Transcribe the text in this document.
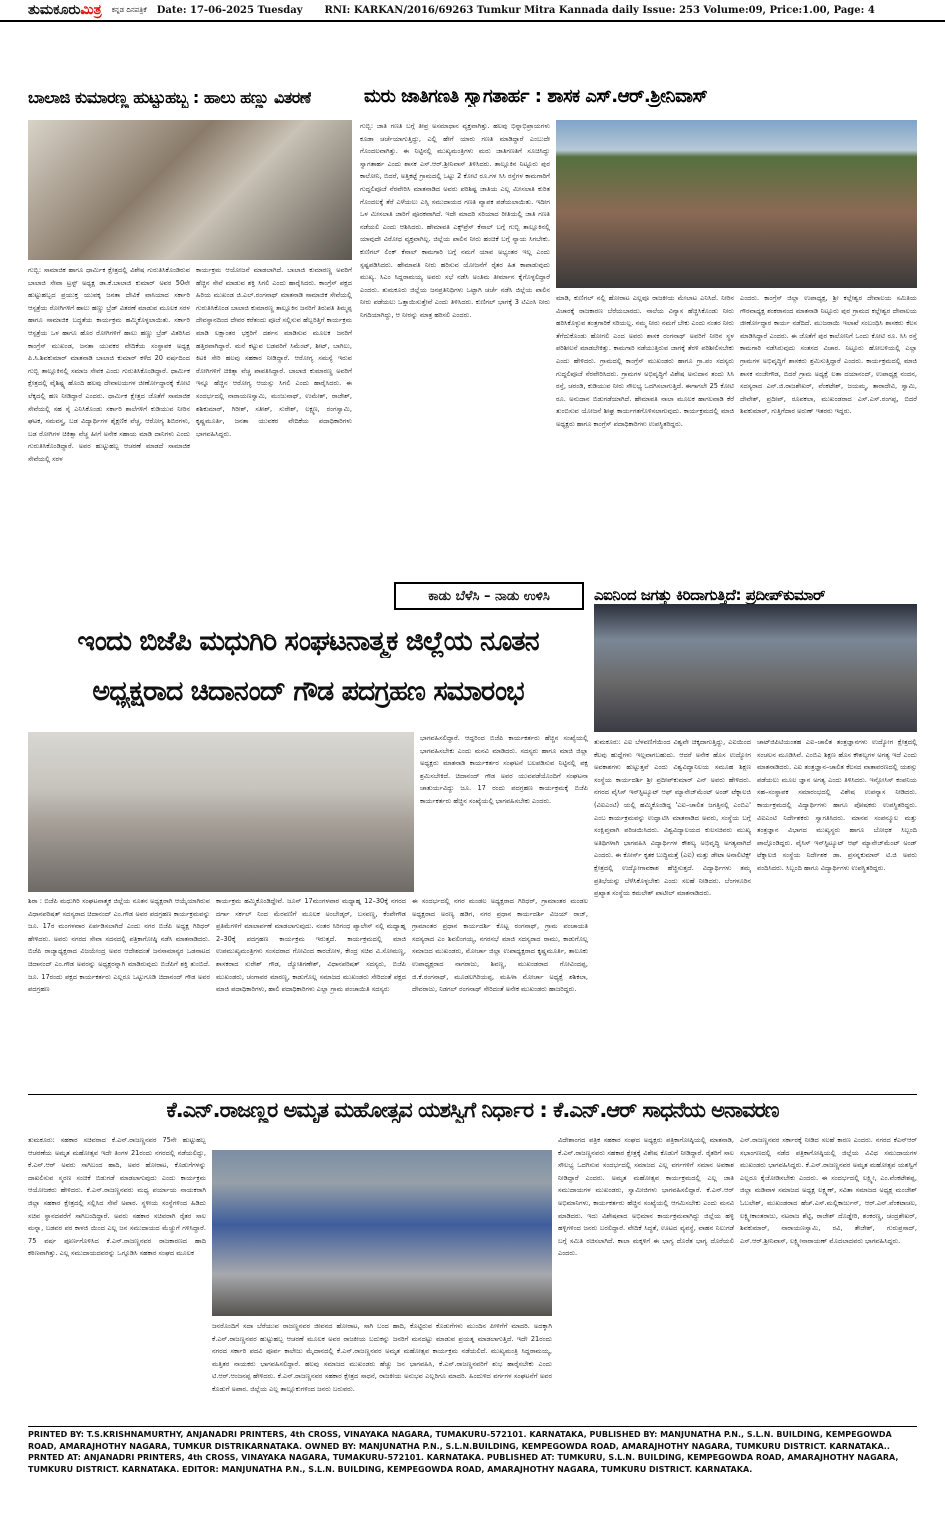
ತುಮಕೂರುಮಿತ್ರ ಕನ್ನಡ ದಿನಪತ್ರಿಕೆ Date: 17-06-2025 Tuesday RNI: KARKAN/2016/69263 Tumkur Mitra Kannada daily Issue: 253 Volume:09, Price:1.00, Page: 4
ಬಾಲಾಜಿ ಕುಮಾರಣ್ಣ ಹುಟ್ಟುಹಬ್ಬ : ಹಾಲು ಹಣ್ಣು ವಿತರಣೆ
ಗುಬ್ಬಿ: ಸಾಮಾಜಿಕ ಹಾಗೂ ಧಾರ್ಮಿಕ ಕ್ಷೇತ್ರದಲ್ಲಿ ವಿಶೇಷ ಗುರುತಿಸಿಕೊಂಡಿರುವ ಬಾಲಾಜಿ ಸೇವಾ ಟ್ರಸ್ಟ್ ಅಧ್ಯಕ್ಷ ಡಾ.ಕೆ.ಬಾಲಾಜಿ ಕುಮಾರ್ ಅವರ 50ನೇ ಹುಟ್ಟುಹಬ್ಬದ ಪ್ರಯುಕ್ತ ಯುವಕ್ಕ ಜನತಾ ದೇವಿಕೆ ವಾಸಿಯಾದ ಸರ್ಕಾರಿ ಆಸ್ಪತ್ರೆಯ ರೋಗಿಗಳಿಗೆ ಹಾಲು ಹಣ್ಣು ಬ್ರೆಡ್ ವಿತರಣೆ ಮಾಡುವ ಮೂಲಕ ಸರಳ ಹಾಗೂ ಸಾಮಾಜಿಕ ಬದ್ಧತೆಯ ಕಾರ್ಯಕ್ರಮ ಹಮ್ಮಿಕೊಳ್ಳಲಾಯಿತು. ಸರ್ಕಾರಿ ಆಸ್ಪತ್ರೆಯ ಒಳ ಹಾಗೂ ಹೊರ ರೋಗಿಗಳಿಗೆ ಹಾಲು ಹಣ್ಣು ಬ್ರೆಡ್ ವಿತರಿಸಿದ ಕಾಂಗ್ರೆಸ್ ಮುಖಂಡ, ಜನತಾ ಯುವಕರ ವೇದಿಕೆಯ ಸಂಸ್ಥಾಪಕ ಅಧ್ಯಕ್ಷ ಪಿ.ಸಿ.ಶಿವಕುಮಾರ್ ಮಾತನಾಡಿ ಬಾಲಾಜಿ ಕುಮಾರ್ ಕಳೆದ 20 ವರ್ಷದಿಂದ ಗುಬ್ಬಿ ತಾಲ್ಲೂಕಿನಲ್ಲಿ ಸಮಾಜ ಸೇವಕ ಎಂದು ಗುರುತಿಸಿಕೊಂಡಿದ್ದಾರೆ. ಧಾರ್ಮಿಕ ಕ್ಷೇತ್ರದಲ್ಲಿ ವೈಶಿಷ್ಟ್ಯ ಹೊಂದಿ ಹಲವು ದೇವಾಲಯಗಳ ಜೀರ್ಣೋದ್ಧಾರಕ್ಕೆ ಕೋಟಿ ಲೆಕ್ಕದಲ್ಲಿ ಹಣ ನೀಡಿದ್ದಾರೆ ಎಂದರು. ಧಾರ್ಮಿಕ ಕ್ಷೇತ್ರದ ಜೊತೆಗೆ ಸಾಮಾಜಿಕ ಸೇವೆಯಲ್ಲಿ ಸಹ ಸೈ ಎನಿಸಿಕೊಂಡು ಸರ್ಕಾರಿ ಶಾಲೆಗಳಿಗೆ ಕುಡಿಯುವ ನೀರಿನ ಘಟಕ, ಸಮವಸ್ತ್ರ, ಬಡ ವಿದ್ಯಾರ್ಥಿಗಳ ಶೈಕ್ಷಣಿಕ ವೆಚ್ಚ, ಆರೋಗ್ಯ ಶಿಬಿರಗಳು, ಬಡ ರೋಗಿಗಳ ಚಿಕಿತ್ಸಾ ವೆಚ್ಚ ಹೀಗೆ ಅನೇಕ ಸಹಾಯ ಮಾಡಿ ದಾನಿಗಳು ಎಂದು ಗುರುತಿಸಿಕೊಂಡಿದ್ದಾರೆ. ಅವರ ಹುಟ್ಟುಹಬ್ಬ ಆಚರಣೆ ಮಾಡದೆ ಸಾಮಾಜಿಕ ಸೇವೆಯಲ್ಲಿ ಸರಳ
ಕಾರ್ಯಕ್ರಮ ಆಯೋಜನೆ ಮಾಡಲಾಗಿದೆ. ಬಾಲಾಜಿ ಕುಮಾರಣ್ಣ ಅವರಿಗೆ ಹೆಚ್ಚಿನ ಸೇವೆ ಮಾಡುವ ಶಕ್ತಿ ಸಿಗಲಿ ಎಂದು ಹಾರೈಸಿದರು. ಕಾಂಗ್ರೆಸ್ ಪಕ್ಷದ ಹಿರಿಯ ಮುಖಂಡ ಜಿ.ಎಲ್.ರಂಗನಾಥ್ ಮಾತನಾಡಿ ಸಾಮಾಜಿಕ ಸೇವೆಯಲ್ಲಿ ಗುರುತಿಸಿಕೊಂಡ ಬಾಲಾಜಿ ಕುಮಾರಣ್ಣ ತಾಲ್ಲೂಕಿನ ಜನರಿಗೆ ತಿರುಪತಿ ತಿಮ್ಮಪ್ಪ ದೇವಸ್ಥಾನದಿಂದ ದೇವರ ಕರೆತಂದು ಪೂಜೆ ಸಲ್ಲಿಸುವ ಹೆಬ್ಬರಿತ್ತಿಗೆ ಕಾರ್ಯಕ್ರಮ ಮಾಡಿ ಲಕ್ಷಾಂತರ ಭಕ್ತರಿಗೆ ದರ್ಶನ ಮಾಡಿಸುವ ಮೂಲಕ ಜನರಿಗೆ ಹತ್ತಿರವಾಗಿದ್ದಾರೆ. ಮನೆ ಕಟ್ಟುವ ಬಡವರಿಗೆ ಸಿಮೆಂಟ್, ಶೀಟ್, ಬಾಗಿಲು, ಕಿಟಕಿ ಸೇರಿ ಹಲವು ಸಹಕಾರ ನೀಡಿದ್ದಾರೆ. ಆರೋಗ್ಯ ಸಮಸ್ಯೆ ಇರುವ ರೋಗಿಗಳಿಗೆ ಚಿಕಿತ್ಸಾ ವೆಚ್ಚ ಪಾವತಿಸಿದ್ದಾರೆ. ಬಾಲಾಜಿ ಕುಮಾರಣ್ಣ ಅವರಿಗೆ ಇನ್ನೂ ಹೆಚ್ಚಿನ ಆರೋಗ್ಯ ಆಯಸ್ಸು ಸಿಗಲಿ ಎಂದು ಹಾರೈಸಿದರು. ಈ ಸಂದರ್ಭದಲ್ಲಿ ನಾರಾಯಣಸ್ವಾಮಿ, ಮಂಜುನಾಥ್, ಉಮೇಶ್, ರಾಜೇಶ್, ಶಶಿಕುಮಾರ್, ಗಿರೀಶ್, ಸತೀಶ್, ಸುರೇಶ್, ಲಕ್ಷ್ಮಣ, ರಂಗಸ್ವಾಮಿ, ಕೃಷ್ಣಮೂರ್ತಿ, ಜನತಾ ಯುವಕರ ವೇದಿಕೆಯ ಪದಾಧಿಕಾರಿಗಳು ಭಾಗವಹಿಸಿದ್ದರು.
ಮರು ಜಾತಿಗಣತಿ ಸ್ವಾಗತಾರ್ಹ : ಶಾಸಕ ಎಸ್.ಆರ್.ಶ್ರೀನಿವಾಸ್
ಗುಬ್ಬಿ: ಜಾತಿ ಗಣತಿ ಬಗ್ಗೆ ತೀವ್ರ ಅಸಮಾಧಾನ ವ್ಯಕ್ತವಾಗಿತ್ತು. ಹಲವು ಭಿನ್ನಾಭಿಪ್ರಾಯಗಳು ಕೂಡಾ ಚರ್ಚೆಯಾಗುತ್ತಿದ್ದು, ಎಲ್ಲಿ ಹೇಗೆ ಯಾರು ಗಣತಿ ಮಾಡಿದ್ದಾರೆ ಎಂಬುದೇ ಗೊಂದಲವಾಗಿತ್ತು. ಈ ನಿಟ್ಟಿನಲ್ಲಿ ಮುಖ್ಯಮಂತ್ರಿಗಳು ಮರು ಜಾತಿಗಣತಿಗೆ ಸೂಚಿಸಿದ್ದು ಸ್ವಾಗತಾರ್ಹ ಎಂದು ಶಾಸಕ ಎಸ್.ಆರ್.ಶ್ರೀನಿವಾಸ್ ತಿಳಿಸಿದರು. ತಾಲ್ಲೂಕಿನ ನಿಟ್ಟೂರು ಪುರ ಕಾಲೋನಿ, ಬಿದರೆ, ಅತ್ತಿಕಟ್ಟೆ ಗ್ರಾಮದಲ್ಲಿ ಒಟ್ಟು 2 ಕೋಟಿ ರೂ.ಗಳ ಸಿಸಿ ರಸ್ತೆಗಳ ಕಾಮಗಾರಿಗೆ ಗುದ್ದಲಿಪೂಜೆ ನೆರವೇರಿಸಿ ಮಾತನಾಡಿದ ಅವರು ಪರಿಶಿಷ್ಟ ಜಾತಿಯ ಎಲ್ಲ ಮೀಸಲಾತಿ ಕುರಿತ ಗೊಂದಲಕ್ಕೆ ತೆರೆ ಎಳೆಯಲು ಎಸ್ಸಿ ಸಮುದಾಯದ ಗಣತಿ ವ್ಯಾಪಕ ಪಡೆಯಲಾಯಿತು. ಇದೀಗ ಒಳ ಮೀಸಲಾತಿ ಜಾರಿಗೆ ಪೂರಕವಾಗಿದೆ. ಇದೇ ಮಾದರಿ ಸರಿಯಾದ ರೀತಿಯಲ್ಲಿ ಜಾತಿ ಗಣತಿ ನಡೆಯಲಿ ಎಂದು ಆಶಿಸಿದರು. ಹೇಮಾವತಿ ಎಕ್ಸ್‌ಪ್ರೆಸ್ ಕೆನಾಲ್ ಬಗ್ಗೆ ಗುಬ್ಬಿ ತಾಲ್ಲೂಕಿನಲ್ಲಿ ಯಾವುದೇ ವಿರೋಧ ವ್ಯಕ್ತವಾಗಿಲ್ಲ. ಜಿಲ್ಲೆಯ ಪಾಲಿನ ನೀರು ಹಂಚಿಕೆ ಬಗ್ಗೆ ನ್ಯಾಯ ಸಿಗಬೇಕು. ಕುಣಿಗಲ್ ಲಿಂಕ್ ಕೆನಾಲ್ ಕಾಮಗಾರಿ ಬಗ್ಗೆ ನಮಗೆ ಯಾವ ಅಭ್ಯಂತರ ಇಲ್ಲ ಎಂದು ಸ್ಪಷ್ಟಪಡಿಸಿದರು. ಹೇಮಾವತಿ ನೀರು ಹರಿಸುವ ಯೋಜನೆಗೆ ರೈತರ ಹಿತ ಕಾಪಾಡುವುದು ಮುಖ್ಯ. ಸಿಎಂ ಸಿದ್ದರಾಮಯ್ಯ ಅವರು ಸಭೆ ನಡೆಸಿ ಅಂತಿಮ ತೀರ್ಮಾನ ಕೈಗೊಳ್ಳಲಿದ್ದಾರೆ ಎಂದರು. ತುಮಕೂರು ಜಿಲ್ಲೆಯ ಜನಪ್ರತಿನಿಧಿಗಳು ಒಟ್ಟಾಗಿ ಚರ್ಚೆ ನಡೆಸಿ ಜಿಲ್ಲೆಯ ಪಾಲಿನ ನೀರು ಪಡೆಯಲು ಒತ್ತಾಯಿಸುತ್ತೇವೆ ಎಂದು ತಿಳಿಸಿದರು. ಕುಣಿಗಲ್ ಭಾಗಕ್ಕೆ 3 ಟಿಎಂಸಿ ನೀರು ನಿಗದಿಯಾಗಿದ್ದು, ಆ ನೀರನ್ನು ಮಾತ್ರ ಹರಿಸಲಿ ಎಂದರು.
ಮಾಡಿ, ಕುಣಿಗಲ್ ನಲ್ಲಿ ಹೋರಾಟ ಎಲ್ಲವೂ ರಾಜಕೀಯ ಮೇಲಾಟ ಎನಿಸಿದೆ. ನೀರಿನ ವಿಚಾರಕ್ಕೆ ರಾಜಕಾರಣ ಬೆರೆಯಬಾರದು. ನಾಲೆಯ ವಿನ್ಯಾಸ ಹೆಚ್ಚಿಸಿಕೊಂಡು ನೀರು ಹರಿಸಿಕೊಳ್ಳುವ ತಂತ್ರಗಾರಿಕೆ ಸರಿಯಲ್ಲ. ನಮ್ಮ ನೀರು ನಮಗೆ ಬೇಕು ಎಂದು ನಂತರ ನೀರು ತೆಗೆದುಕೊಂಡು ಹೋಗಲಿ ಎಂದ ಅವರು ಶಾಸಕ ರಂಗನಾಥ್ ಅವರಿಗೆ ನೀರಿನ ಸ್ಥಳ ಪರಿಶೀಲನೆ ಮಾಡಬೇಕಿತ್ತು. ಕಾಮಗಾರಿ ನಡೆಯುತ್ತಿರುವ ಜಾಗಕ್ಕೆ ತೆರಳಿ ಪರಿಶೀಲಿಸಬೇಕು ಎಂದು ಹೇಳಿದರು. ಗ್ರಾಮದಲ್ಲಿ ಕಾಂಗ್ರೆಸ್ ಮುಖಂಡರು ಹಾಗೂ ಗ್ರಾ.ಪಂ ಸದಸ್ಯರು ಗುದ್ದಲಿಪೂಜೆ ನೆರವೇರಿಸಿದರು. ಗ್ರಾಮಗಳ ಅಭಿವೃದ್ಧಿಗೆ ವಿಶೇಷ ಅನುದಾನ ತಂದು ಸಿಸಿ ರಸ್ತೆ, ಚರಂಡಿ, ಕುಡಿಯುವ ನೀರು ಸೌಲಭ್ಯ ಒದಗಿಸಲಾಗುತ್ತಿದೆ. ಈಗಾಗಲೇ 25 ಕೋಟಿ ರೂ. ಅನುದಾನ ಬಿಡುಗಡೆಯಾಗಿದೆ. ಹೇಮಾವತಿ ನಾಲಾ ಮೂಲಕ ಹಾಗಲವಾಡಿ ಕೆರೆ ತುಂಬಿಸುವ ಯೋಜನೆ ಶೀಘ್ರ ಕಾರ್ಯಗತಗೊಳಿಸಲಾಗುವುದು. ಕಾರ್ಯಕ್ರಮದಲ್ಲಿ ಮಾಜಿ ಅಧ್ಯಕ್ಷರು ಹಾಗೂ ಕಾಂಗ್ರೆಸ್ ಪದಾಧಿಕಾರಿಗಳು ಉಪಸ್ಥಿತರಿದ್ದರು.
ಎಂದರು. ಕಾಂಗ್ರೆಸ್ ಜಿಲ್ಲಾ ಉಪಾಧ್ಯಕ್ಷ, ಶ್ರೀ ಕಲ್ಲೇಶ್ವರ ದೇವಾಲಯ ಸಮಿತಿಯ ಗೌರವಾಧ್ಯಕ್ಷ ಶಂಕರಾನಂದ ಮಾತನಾಡಿ ನಿಟ್ಟೂರು ಪುರ ಗ್ರಾಮದ ಕಲ್ಲೇಶ್ವರ ದೇವಾಲಯ ಜೀರ್ಣೋದ್ಧಾರ ಕಾರ್ಯ ನಡೆದಿದೆ. ಮುಜರಾಯಿ ಇಲಾಖೆ ಸಂಬಂಧಿಸಿ ಶಾಸಕರು ಕೆಲಸ ಮಾಡಿಸಿದ್ದಾರೆ ಎಂದರು. ಈ ಜೊತೆಗೆ ಪುರ ಕಾಲೋನಿಗೆ ಒಂದು ಕೋಟಿ ರೂ. ಸಿಸಿ ರಸ್ತೆ ಕಾಮಗಾರಿ ನಡೆಸಿರುವುದು ಸಂತಸದ ವಿಚಾರ. ನಿಟ್ಟೂರು ಹೋಬಳಿಯಲ್ಲಿ ಎಲ್ಲಾ ಗ್ರಾಮಗಳ ಅಭಿವೃದ್ಧಿಗೆ ಶಾಸಕರು ಶ್ರಮಿಸುತ್ತಿದ್ದಾರೆ ಎಂದರು. ಕಾರ್ಯಕ್ರಮದಲ್ಲಿ ಮಾಜಿ ಶಾಸಕ ನಂಜೇಗೌಡ, ಬಿದರೆ ಗ್ರಾಮ ಅಧ್ಯಕ್ಷೆ ಲತಾ ದಯಾನಂದ್, ಉಪಾಧ್ಯಕ್ಷ ನಂದನ, ಸದಸ್ಯರಾದ ಎನ್.ಜಿ.ರಾಜಶೇಖರ್, ವೆಂಕಟೇಶ್, ಜಯಮ್ಮ, ತಾರಾದೇವಿ, ಸ್ವಾಮಿ, ದೇವೇಶ್, ಪ್ರದೀಪ್, ರೂಪಕಲಾ, ಮುಖಂಡರಾದ ಎಸ್.ಎಸ್.ರಂಗಪ್ಪ, ಬಿದರೆ ಶಿವಕುಮಾರ್, ಗುತ್ತಿಗೆದಾರ ಅರುಣ್ ಇತರರು ಇದ್ದರು.
ಕಾಡು ಬೆಳೆಸಿ – ನಾಡು ಉಳಿಸಿ
ಇಂದು ಬಿಜೆಪಿ ಮಧುಗಿರಿ ಸಂಘಟನಾತ್ಮಕ ಜಿಲ್ಲೆಯ ನೂತನ
ಅಧ್ಯಕ್ಷರಾದ ಚಿದಾನಂದ್ ಗೌಡ ಪದಗ್ರಹಣ ಸಮಾರಂಭ
ಭಾಗವಹಿಸಲಿದ್ದಾರೆ. ಆದ್ದರಿಂದ ಬಿಜೆಪಿ ಕಾರ್ಯಕರ್ತರು ಹೆಚ್ಚಿನ ಸಂಖ್ಯೆಯಲ್ಲಿ ಭಾಗವಹಿಸಬೇಕು ಎಂದು ಮನವಿ ಮಾಡಿದರು. ಸದಸ್ಯರು ಹಾಗೂ ಮಾಜಿ ಜಿಲ್ಲಾ ಅಧ್ಯಕ್ಷರು ಮಾತನಾಡಿ ಕಾರ್ಯಕರ್ತರ ಸಂಘಟನೆ ಬಲಪಡಿಸುವ ನಿಟ್ಟಿನಲ್ಲಿ ಪಕ್ಷ ಶ್ರಮಿಸಬೇಕಿದೆ. ಚಿದಾನಂದ್ ಗೌಡ ಅವರ ಯುವಪಡೆಯೊಂದಿಗೆ ಸಂಘಟನಾ ಚಾತುರ್ಯವಿದ್ದು ಜೂ. 17 ರಂದು ಪದಗ್ರಹಣ ಕಾರ್ಯಕ್ರಮಕ್ಕೆ ಬಿಜೆಪಿ ಕಾರ್ಯಕರ್ತರು ಹೆಚ್ಚಿನ ಸಂಖ್ಯೆಯಲ್ಲಿ ಭಾಗವಹಿಸಬೇಕು ಎಂದರು.
ಶಿರಾ : ಬಿಜೆಪಿ ಮಧುಗಿರಿ ಸಂಘಟನಾತ್ಮಕ ಜಿಲ್ಲೆಯ ನೂತನ ಅಧ್ಯಕ್ಷರಾಗಿ ಆಯ್ಕೆಯಾಗಿರುವ ವಿಧಾನಪರಿಷತ್ ಸದಸ್ಯರಾದ ಚಿದಾನಂದ್ ಎಂ.ಗೌಡ ಅವರ ಪದಗ್ರಹಣ ಕಾರ್ಯಕ್ರಮವನ್ನು ಜೂ. 17ರ ಮಂಗಳವಾರ ಏರ್ಪಡಿಸಲಾಗಿದೆ ಎಂದು ನಗರ ಬಿಜೆಪಿ ಅಧ್ಯಕ್ಷ ಗಿರಿಧರ್ ಹೇಳಿದರು. ಅವರು ನಗರದ ಸೇವಾ ಸದನದಲ್ಲಿ ಪತ್ರಿಕಾಗೋಷ್ಠಿ ನಡೆಸಿ ಮಾತನಾಡಿದರು. ಬಿಜೆಪಿ ರಾಜ್ಯಾಧ್ಯಕ್ಷರಾದ ವಿಜಯೇಂದ್ರ ಅವರ ಆದೇಶದಂತೆ ಜನಸಾಮಾನ್ಯರ ಒಡನಾಟದ ಚಿದಾನಂದ್ ಎಂ.ಗೌಡ ಅವರನ್ನು ಅಧ್ಯಕ್ಷರನ್ನಾಗಿ ಮಾಡಿರುವುದು ಬಿಜೆಪಿಗೆ ಶಕ್ತಿ ತುಂಬಿದೆ. ಜೂ. 17ರಂದು ಪಕ್ಷದ ಕಾರ್ಯಕರ್ತರು ಎಲ್ಲರೂ ಒಟ್ಟುಗೂಡಿ ಚಿದಾನಂದ್ ಗೌಡ ಅವರ ಪದಗ್ರಹಣ
ಕಾರ್ಯಕ್ರಮ ಹಮ್ಮಿಕೊಂಡಿದ್ದೇವೆ. ಜೂನ್ 17ಮಂಗಳವಾರ ಮಧ್ಯಾಹ್ನ 12–30ಕ್ಕೆ ನಗರದ ದರ್ಗಾ ಸರ್ಕಲ್ ನಿಂದ ಮೆರವಣಿಗೆ ಮೂಲಕ ಅಂಬೇಡ್ಕರ್, ಬಸವಣ್ಣ, ಕೆಂಪೇಗೌಡ ಪ್ರತಿಮೆಗಳಿಗೆ ಮಾಲಾರ್ಪಣೆ ಮಾಡಲಾಗುವುದು. ನಂತರ ಸಿರಿಗಂಧ ಪ್ಯಾಲೇಸ್ ನಲ್ಲಿ ಮಧ್ಯಾಹ್ನ 2–30ಕ್ಕೆ ಪದಗ್ರಹಣ ಕಾರ್ಯಕ್ರಮ ಇರುತ್ತದೆ. ಕಾರ್ಯಕ್ರಮದಲ್ಲಿ ಮಾಜಿ ಉಪಮುಖ್ಯಮಂತ್ರಿಗಳು ಸಂಸದರಾದ ಗೋವಿಂದ ಕಾರಜೋಳ, ಕೇಂದ್ರ ಸಚಿವ ವಿ.ಸೋಮಣ್ಣ, ಶಾಸಕರಾದ ಸುರೇಶ್ ಗೌಡ, ಜ್ಯೋತಿಗಣೇಶ್, ವಿಧಾನಪರಿಷತ್ ಸದಸ್ಯರು, ಬಿಜೆಪಿ ಮುಖಂಡರು, ಚಂಗಾವರ ಮಾರಣ್ಣ, ಕಾಡುಗೊಲ್ಲ ಸಮಾಜದ ಮುಖಂಡರು ಸೇರಿದಂತೆ ಪಕ್ಷದ ಮಾಜಿ ಪದಾಧಿಕಾರಿಗಳು, ಹಾಲಿ ಪದಾಧಿಕಾರಿಗಳು ಎಲ್ಲಾ ಗ್ರಾಮ ಪಂಚಾಯಿತಿ ಸದಸ್ಯರು
ಈ ಸಂದರ್ಭದಲ್ಲಿ ನಗರ ಮಂಡಲ ಅಧ್ಯಕ್ಷರಾದ ಗಿರಿಧರ್, ಗ್ರಾಮಾಂತರ ಮಂಡಲ ಅಧ್ಯಕ್ಷರಾದ ಅರಣ್ಯ ಹಡಿಗ, ನಗರ ಪ್ರಧಾನ ಕಾರ್ಯದರ್ಶಿ ವಿಜಯ್ ರಾಜ್, ಗ್ರಾಮಾಂತರ ಪ್ರಧಾನ ಕಾರ್ಯದರ್ಶಿ ಕೊಟ್ಟ ರಂಗನಾಥ್, ಗ್ರಾಮ ಪಂಚಾಯತಿ ಸದಸ್ಯರಾದ ಎಂ ಶಿವಲಿಂಗಯ್ಯ, ನಗರಸಭೆ ಮಾಜಿ ಸದಸ್ಯರಾದ ರಾಮು, ಕಾಡುಗೊಲ್ಲ ಸಮಾಜದ ಮುಖಂಡರು, ಮೋರ್ಚಾ ಜಿಲ್ಲಾ ಉಪಾಧ್ಯಕ್ಷರಾದ ಕೃಷ್ಣಮೂರ್ತಿ, ತಾಲೂಕು ಉಪಾಧ್ಯಕ್ಷರಾದ ನಾಗರಾಜು, ಶಿವಣ್ಣ, ಮುಖಂಡರಾದ ಗೋವಿಂದಪ್ಪ, ಜಿ.ಕೆ.ರಂಗನಾಥ್, ಮೂಡಲಗಿರಿಯಪ್ಪ, ಮಹಿಳಾ ಮೋರ್ಚಾ ಅಧ್ಯಕ್ಷೆ ಶಶಿಕಲಾ, ದೇವರಾಜು, ನಿಡಗಲ್ ರಂಗನಾಥ್ ಸೇರಿದಂತೆ ಅನೇಕ ಮುಖಂಡರು ಹಾಜರಿದ್ದರು.
ಎಐನಿಂದ ಜಗತ್ತು ಕಿರಿದಾಗುತ್ತಿದೆ: ಪ್ರದೀಪ್‌ಕುಮಾರ್
ತುಮಕೂರು: ಎಐ ಬೆಳವಣಿಗೆಯಿಂದ ವಿಶ್ವವೇ ಚಿಕ್ಕದಾಗುತ್ತಿದ್ದು, ಎಐಯಿಂದ ಕೆಲವು ಹುದ್ದೆಗಳು ಇಲ್ಲವಾಗಬಹುದು. ಆದರೆ ಅನೇಕ ಹೊಸ ಉದ್ಯೋಗ ಅವಕಾಶಗಳು ಹುಟ್ಟುತ್ತವೆ ಎಂದು ವಿಶ್ವವಿದ್ಯಾನಿಲಯ ಸಮೂಹ ಶಿಕ್ಷಣ ಸಂಸ್ಥೆಯ ಕಾರ್ಯದರ್ಶಿ ಶ್ರೀ ಪ್ರದೀಪ್‌ಕುಮಾರ್ ಎನ್ ಅವರು ಹೇಳಿದರು. ನಗರದ ವೈಸಿಸ್ ಇನ್‌ಸ್ಟಿಟ್ಯೂಟ್ ಆಫ್ ಮ್ಯಾನೇಜ್‌ಮೆಂಟ್ ಅಂಡ್ ಟೆಕ್ನಾಲಜಿ (ವಿಐಎಂಟಿ) ಯಲ್ಲಿ ಹಮ್ಮಿಕೊಂಡಿದ್ದ 'ಎಐ–ಚಾಲಿತ ಜಗತ್ತಿನಲ್ಲಿ ಎಂಬಿಎ' ಎಂಬ ಕಾರ್ಯಕ್ರಮವನ್ನು ಉದ್ಘಾಟಿಸಿ ಮಾತನಾಡಿದ ಅವರು, ಸಂಸ್ಥೆಯ ಬಗ್ಗೆ ಸಂಕ್ಷಿಪ್ತವಾಗಿ ಪರಿಚಯಿಸಿದರು. ವಿಶ್ವವಿದ್ಯಾಲಯದ ಕುಲಸಚಿವರು ಮುಖ್ಯ ಅತಿಥಿಗಳಾಗಿ ಭಾಗವಹಿಸಿ ವಿದ್ಯಾರ್ಥಿಗಳ ಕೌಶಲ್ಯ ಅಭಿವೃದ್ಧಿ ಅಗತ್ಯವಾಗಿದೆ ಎಂದರು. ಈ ಕೋರ್ಸ್ ಕೃತಕ ಬುದ್ಧಿಮತ್ತೆ (ಎಐ) ಮತ್ತು ಡೇಟಾ ಅನಾಲಿಟಿಕ್ಸ್ ಕ್ಷೇತ್ರದಲ್ಲಿ ಉದ್ಯೋಗಾವಕಾಶ ಹೆಚ್ಚಿಸುತ್ತದೆ. ವಿದ್ಯಾರ್ಥಿಗಳು ತಮ್ಮ ಪ್ರತಿಭೆಯನ್ನು ಬೆಳೆಸಿಕೊಳ್ಳಬೇಕು ಎಂದು ಸಲಹೆ ನೀಡಿದರು. ಬೆಂಗಳೂರಿನ ಪ್ರಖ್ಯಾತ ಸಂಸ್ಥೆಯ ಕಮಲೇಶ್ ಪಾಟೀಲ್ ಮಾತನಾಡಿದರು.
ಚಾಟ್‌ಜಿಪಿಟಿಯಂತಹ ಎಐ–ಚಾಲಿತ ತಂತ್ರಜ್ಞಾನಗಳು ಉದ್ಯೋಗ ಕ್ಷೇತ್ರದಲ್ಲಿ ಸಂಚಲನ ಮೂಡಿಸಿವೆ. ಎಂಬಿಎ ಶಿಕ್ಷಣ ಹೊಸ ಕೌಶಲ್ಯಗಳ ಅಗತ್ಯ ಇದೆ ಎಂದು ಮಾತನಾಡಿದರು. ಎಐ ತಂತ್ರಜ್ಞಾನ–ಚಾಲಿತ ಕೆಲಸದ ವಾತಾವರಣದಲ್ಲಿ ಯಶಸ್ಸು ಪಡೆಯಲು ಮೂಲ ಜ್ಞಾನ ಅಗತ್ಯ ಎಂದು ತಿಳಿಸಿದರು. ಇನ್ಫೋಸಿಸ್ ಕಂಪನಿಯ ಸಹ–ಸಂಸ್ಥಾಪಕ ಸಮಾರಂಭದಲ್ಲಿ ವಿಶೇಷ ಉಪನ್ಯಾಸ ನೀಡಿದರು. ಕಾರ್ಯಕ್ರಮದಲ್ಲಿ ವಿದ್ಯಾರ್ಥಿಗಳು ಹಾಗೂ ಪೋಷಕರು ಉಪಸ್ಥಿತರಿದ್ದರು. ವಿಐಎಂಟಿ ನಿರ್ದೇಶಕರು ಸ್ವಾಗತಿಸಿದರು. ಮಾನವ ಸಂಪನ್ಮೂಲ ಮತ್ತು ತಂತ್ರಜ್ಞಾನ ವಿಭಾಗದ ಮುಖ್ಯಸ್ಥರು ಹಾಗೂ ಬೋಧಕ ಸಿಬ್ಬಂದಿ ಪಾಲ್ಗೊಂಡಿದ್ದರು. ವೈಸಿಸ್ ಇನ್‌ಸ್ಟಿಟ್ಯೂಟ್ ಆಫ್ ಮ್ಯಾನೇಜ್‌ಮೆಂಟ್ ಅಂಡ್ ಟೆಕ್ನಾಲಜಿ ಸಂಸ್ಥೆಯ ನಿರ್ದೇಶಕ ಡಾ. ಪ್ರಸನ್ನಕುಮಾರ್ ಟಿ.ಜಿ ಅವರು ವಂದಿಸಿದರು. ಸಿಬ್ಬಂದಿ ಹಾಗೂ ವಿದ್ಯಾರ್ಥಿಗಳು ಉಪಸ್ಥಿತರಿದ್ದರು.
ಕೆ.ಎನ್.ರಾಜಣ್ಣರ ಅಮೃತ ಮಹೋತ್ಸವ ಯಶಸ್ವಿಗೆ ನಿರ್ಧಾರ : ಕೆ.ಎನ್.ಆರ್ ಸಾಧನೆಯ ಅನಾವರಣ
ತುಮಕೂರು: ಸಹಕಾರ ಸಚಿವರಾದ ಕೆ.ಎನ್.ರಾಜಣ್ಣನವರ 75ನೇ ಹುಟ್ಟುಹಬ್ಬ ಆಚರಣೆಯ ಅಮೃತ ಮಹೋತ್ಸವ ಇದೇ ತಿಂಗಳ 21ರಂದು ನಗರದಲ್ಲಿ ನಡೆಯಲಿದ್ದು, ಕೆ.ಎನ್.ಆರ್ ಅವರು ಸಾಗಿಬಂದ ಹಾದಿ, ಅವರ ಹೋರಾಟ, ಕೊಡುಗೆಗಳನ್ನು ದಾಖಲಿಸುವ ಸ್ಮರಣ ಸಂಚಿಕೆ ಬಿಡುಗಡೆ ಮಾಡಲಾಗುವುದು ಎಂದು ಕಾರ್ಯಕ್ರಮ ಆಯೋಜಕರು ಹೇಳಿದರು. ಕೆ.ಎನ್.ರಾಜಣ್ಣನವರು ಮಧ್ಯ ಪರ್ಯಾಯ ನಾಯಕರಾಗಿ ಜಿಲ್ಲಾ ಸಹಕಾರ ಕ್ಷೇತ್ರದಲ್ಲಿ ಸಲ್ಲಿಸಿದ ಸೇವೆ ಅಪಾರ. ಸ್ಥಳೀಯ ಸಂಸ್ಥೆಗಳಿಂದ ಹಿಡಿದು ಸಚಿವ ಸ್ಥಾನದವರೆಗೆ ಸಾಗಿಬಂದಿದ್ದಾರೆ. ಅವರು ಸಹಕಾರ ಸಚಿವರಾಗಿ ರೈತರ ಸಾಲ ಮನ್ನಾ, ಬಡವರ ಪರ ಕಾಳಜಿ ಯಿಂದ ಎಲ್ಲ ಜನ ಸಮುದಾಯದ ಮೆಚ್ಚುಗೆ ಗಳಿಸಿದ್ದಾರೆ. 75 ವರ್ಷ ಪೂರ್ಣಗೊಳಿಸಿದ ಕೆ.ಎನ್.ರಾಜಣ್ಣನವರ ರಾಜಕಾರಣದ ಹಾದಿ ಕಠಿಣವಾಗಿತ್ತು. ಎಲ್ಲ ಸಮುದಾಯದವರನ್ನು ಒಗ್ಗೂಡಿಸಿ ಸಹಕಾರ ಸಂಘದ ಮೂಲಕ
ಜನರೊಂದಿಗೆ ಸದಾ ಬೆರೆಯುವ ರಾಜಣ್ಣನವರ ಜೀವನದ ಹೋರಾಟ, ಸಾಗಿ ಬಂದ ಹಾದಿ, ಕೊಟ್ಟಿರುವ ಕೊಡುಗೆಗಳು ಮುಂದಿನ ಪೀಳಿಗೆಗೆ ಮಾದರಿ. ಅದಕ್ಕಾಗಿ ಕೆ.ಎನ್.ರಾಜಣ್ಣನವರ ಹುಟ್ಟುಹಬ್ಬ ಆಚರಣೆ ಮೂಲಕ ಅವರ ರಾಜಕೀಯ ಬದುಕನ್ನು ಜನರಿಗೆ ಮನದಟ್ಟು ಮಾಡುವ ಪ್ರಯತ್ನ ಮಾಡಲಾಗುತ್ತಿದೆ. ಇದೇ 21ರಂದು ನಗರದ ಸರ್ಕಾರಿ ಪದವಿ ಪೂರ್ವ ಕಾಲೇಜು ಮೈದಾನದಲ್ಲಿ ಕೆ.ಎನ್.ರಾಜಣ್ಣನವರ ಅಮೃತ ಮಹೋತ್ಸವ ಕಾರ್ಯಕ್ರಮ ನಡೆಯಲಿದೆ. ಮುಖ್ಯಮಂತ್ರಿ ಸಿದ್ದರಾಮಯ್ಯ, ಮತ್ತಿತರ ನಾಯಕರು ಭಾಗವಹಿಸಲಿದ್ದಾರೆ. ಹಲವು ಸಮಾಜದ ಮುಖಂಡರು ಹೆಚ್ಚು ಜನ ಭಾಗವಹಿಸಿ, ಕೆ.ಎನ್.ರಾಜಣ್ಣನವರಿಗೆ ಶುಭ ಹಾರೈಸಬೇಕು ಎಂದು ಟಿ.ಆರ್.ಆಂಜನಪ್ಪ ಹೇಳಿದರು. ಕೆ.ಎನ್.ರಾಜಣ್ಣನವರ ಸಹಕಾರ ಕ್ಷೇತ್ರದ ಸಾಧನೆ, ರಾಜಕೀಯ ಅನುಭವ ಎಲ್ಲರಿಗೂ ಮಾದರಿ. ಹಿಂದುಳಿದ ವರ್ಗಗಳ ಸಂಘಟನೆಗೆ ಅವರ ಕೊಡುಗೆ ಅಪಾರ. ಜಿಲ್ಲೆಯ ಎಲ್ಲ ತಾಲ್ಲೂಕುಗಳಿಂದ ಜನರು ಬರುವರು.
ವಿದೇಶಾಂಗದ ಪತ್ರಿಕ ಸಹಕಾರ ಸಂಘದ ಅಧ್ಯಕ್ಷರು ಪತ್ರಿಕಾಗೋಷ್ಠಿಯಲ್ಲಿ ಮಾತನಾಡಿ, ಕೆ.ಎನ್.ರಾಜಣ್ಣನವರು ಸಹಕಾರ ಕ್ಷೇತ್ರಕ್ಕೆ ವಿಶೇಷ ಕೊಡುಗೆ ನೀಡಿದ್ದಾರೆ. ರೈತರಿಗೆ ಸಾಲ ಸೌಲಭ್ಯ ಒದಗಿಸುವ ಸಂದರ್ಭದಲ್ಲಿ ಸಮಾಜದ ಎಲ್ಲ ವರ್ಗಗಳಿಗೆ ಸಮಾನ ಅವಕಾಶ ನೀಡಿದ್ದಾರೆ ಎಂದರು. ಅಮೃತ ಮಹೋತ್ಸವ ಕಾರ್ಯಕ್ರಮದಲ್ಲಿ ಎಲ್ಲ ಜಾತಿ ಸಮುದಾಯಗಳ ಮುಖಂಡರು, ಸ್ವಾಮೀಜಿಗಳು ಭಾಗವಹಿಸಲಿದ್ದಾರೆ. ಕೆ.ಎನ್.ಆರ್ ಅಭಿಮಾನಿಗಳು, ಕಾರ್ಯಕರ್ತರು ಹೆಚ್ಚಿನ ಸಂಖ್ಯೆಯಲ್ಲಿ ಆಗಮಿಸಬೇಕು ಎಂದು ಮನವಿ ಮಾಡಿದರು. ಇದು ವಿಶೇಷವಾದ ಅಭಿಮಾನ ಕಾರ್ಯಕ್ರಮವಾಗಿದ್ದು ಜಿಲ್ಲೆಯ ಹಳ್ಳಿ ಹಳ್ಳಿಗಳಿಂದ ಜನರು ಬರಲಿದ್ದಾರೆ. ವೇದಿಕೆ ಸಿದ್ಧತೆ, ಊಟದ ವ್ಯವಸ್ಥೆ, ವಾಹನ ನಿಲುಗಡೆ ಬಗ್ಗೆ ಸಮಿತಿ ರಚಿಸಲಾಗಿದೆ. ಕಾಲಾ ಮಕ್ಕಳಿಗೆ ಈ ಭಾಗ್ಯ ದೊರೆತ ಭಾಗ್ಯ ದೊರೆಯಲಿ ಎಂದರು.
ಎನ್.ರಾಜಣ್ಣನವರ ಸರ್ಕಾರಕ್ಕೆ ನೀಡಿದ ಸಲಹೆ ಕಾರಣ ಎಂದರು. ನಗರದ ಕೆಎನ್ಆರ್ ಸಭಾಂಗಣದಲ್ಲಿ ನಡೆದ ಪತ್ರಿಕಾಗೋಷ್ಠಿಯಲ್ಲಿ ಜಿಲ್ಲೆಯ ವಿವಿಧ ಸಮುದಾಯಗಳ ಮುಖಂಡರು ಭಾಗವಹಿಸಿದ್ದರು. ಕೆ.ಎನ್.ರಾಜಣ್ಣನವರ ಅಮೃತ ಮಹೋತ್ಸವ ಯಶಸ್ವಿಗೆ ಎಲ್ಲರೂ ಕೈಜೋಡಿಸಬೇಕು ಎಂದರು. ಈ ಸಂದರ್ಭದಲ್ಲಿ ಲಕ್ಷ್ಮೀ, ಎಂ.ವೆಂಕಟೇಶಪ್ಪ, ಜಿಲ್ಲಾ ಮಡಿವಾಳ ಸಮಾಜದ ಅಧ್ಯಕ್ಷ ಲಕ್ಷ್ಮಣ್, ಸವಿತಾ ಸಮಾಜದ ಅಧ್ಯಕ್ಷ ಮಂಜೇಶ್ ಓಬಲೇಶ್, ಮುಖಂಡರಾದ ಹೆಚ್.ಎಸ್.ಮಲ್ಲಿಕಾರ್ಜುನ್, ಆರ್.ಎನ್.ವೆಂಕಟಾಚಲ, ಲಕ್ಷ್ಮೀಕಾಂತರಾಜು, ನಟರಾಜ ಶೆಟ್ಟಿ, ರಾಜೇಶ್ ದೊಡ್ಡೇರಿ, ಶಂಕರಣ್ಣ, ಚಂದ್ರಶೇಖರ್, ಶಿವಕುಮಾರ್, ನಾರಾಯಣಸ್ವಾಮಿ, ರವಿ, ತೇಜೇಶ್, ಗುರುಪ್ರಸಾದ್, ಎಸ್.ಆರ್.ಶ್ರೀನಿವಾಸ್, ಲಕ್ಷ್ಮೀನಾರಾಯಣ್ ಮೊದಲಾದವರು ಭಾಗವಹಿಸಿದ್ದರು.
PRINTED BY: T.S.KRISHNAMURTHY, ANJANADRI PRINTERS, 4th CROSS, VINAYAKA NAGARA, TUMAKURU-572101. KARNATAKA, PUBLISHED BY: MANJUNATHA P.N., S.L.N. BUILDING, KEMPEGOWDA ROAD, AMARAJHOTHY NAGARA, TUMKUR DISTRIKARNATAKA. OWNED BY: MANJUNATHA P.N., S.L.N.BUILDING, KEMPEGOWDA ROAD, AMARAJHOTHY NAGARA, TUMKURU DISTRICT. KARNATAKA.. PRNTED AT: ANJANADRI PRINTERS, 4th CROSS, VINAYAKA NAGARA, TUMAKURU-572101. KARNATAKA. PUBLISHED AT: TUMKURU, S.L.N. BUILDING, KEMPEGOWDA ROAD, AMARAJHOTHY NAGARA, TUMKURU DISTRICT. KARNATAKA. EDITOR: MANJUNATHA P.N., S.L.N. BUILDING, KEMPEGOWDA ROAD, AMARAJHOTHY NAGARA, TUMKURU DISTRICT. KARNATAKA.
